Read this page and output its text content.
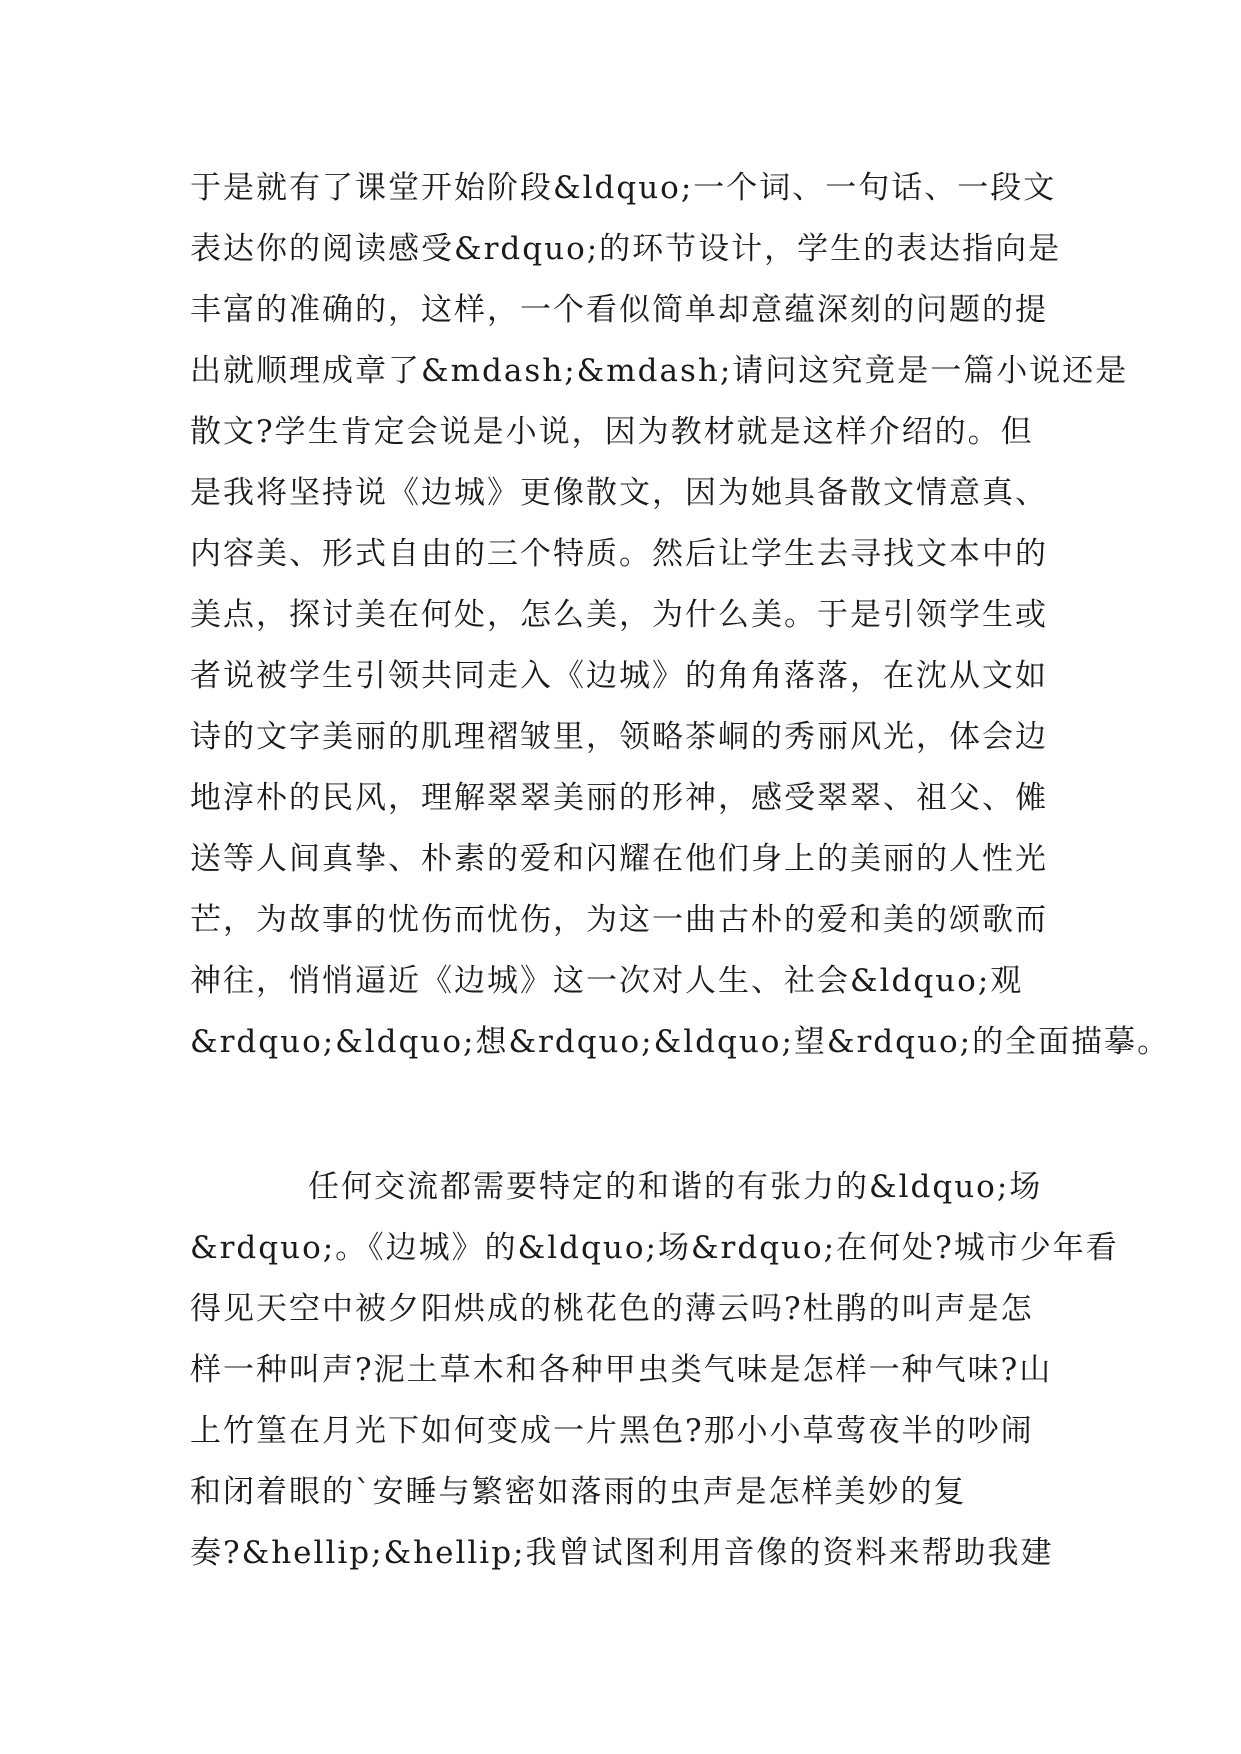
于是就有了课堂开始阶段&ldquo;一个词、一句话、一段文
表达你的阅读感受&rdquo;的环节设计，学生的表达指向是
丰富的准确的，这样，一个看似简单却意蕴深刻的问题的提
出就顺理成章了&mdash;&mdash;请问这究竟是一篇小说还是
散文?学生肯定会说是小说，因为教材就是这样介绍的。但
是我将坚持说《边城》更像散文，因为她具备散文情意真、
内容美、形式自由的三个特质。然后让学生去寻找文本中的
美点，探讨美在何处，怎么美，为什么美。于是引领学生或
者说被学生引领共同走入《边城》的角角落落，在沈从文如
诗的文字美丽的肌理褶皱里，领略茶峒的秀丽风光，体会边
地淳朴的民风，理解翠翠美丽的形神，感受翠翠、祖父、傩
送等人间真挚、朴素的爱和闪耀在他们身上的美丽的人性光
芒，为故事的忧伤而忧伤，为这一曲古朴的爱和美的颂歌而
神往，悄悄逼近《边城》这一次对人生、社会&ldquo;观
&rdquo;&ldquo;想&rdquo;&ldquo;望&rdquo;的全面描摹。
任何交流都需要特定的和谐的有张力的&ldquo;场
&rdquo;。《边城》的&ldquo;场&rdquo;在何处?城市少年看
得见天空中被夕阳烘成的桃花色的薄云吗?杜鹃的叫声是怎
样一种叫声?泥土草木和各种甲虫类气味是怎样一种气味?山
上竹篁在月光下如何变成一片黑色?那小小草莺夜半的吵闹
和闭着眼的`安睡与繁密如落雨的虫声是怎样美妙的复
奏?&hellip;&hellip;我曾试图利用音像的资料来帮助我建
